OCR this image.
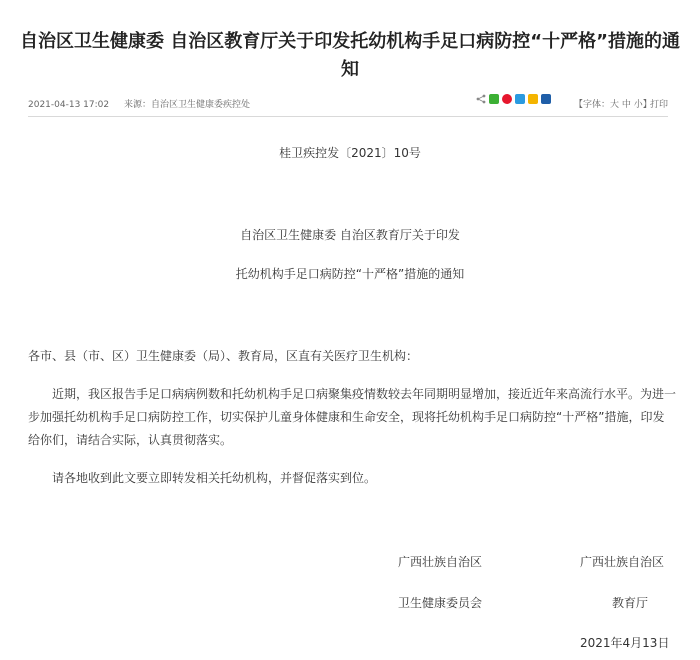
自治区卫生健康委 自治区教育厅关于印发托幼机构手足口病防控“十严格”措施的通知
2021-04-13 17:02 来源：自治区卫生健康委疾控处	【字体：大 中 小】
打印
桂卫疾控发〔2021〕10号
自治区卫生健康委 自治区教育厅关于印发
托幼机构手足口病防控“十严格”措施的通知
各市、县（市、区）卫生健康委（局）、教育局，区直有关医疗卫生机构：
近期，我区报告手足口病病例数和托幼机构手足口病聚集疫情数较去年同期明显增加，接近近年来高流行水平。为进一步加强托幼机构手足口病防控工作，切实保护儿童身体健康和生命安全，现将托幼机构手足口病防控“十严格”措施，印发给你们，请结合实际，认真贯彻落实。
请各地收到此文要立即转发相关托幼机构，并督促落实到位。
广西壮族自治区	广西壮族自治区
卫生健康委员会	教育厅
2021年4月13日
